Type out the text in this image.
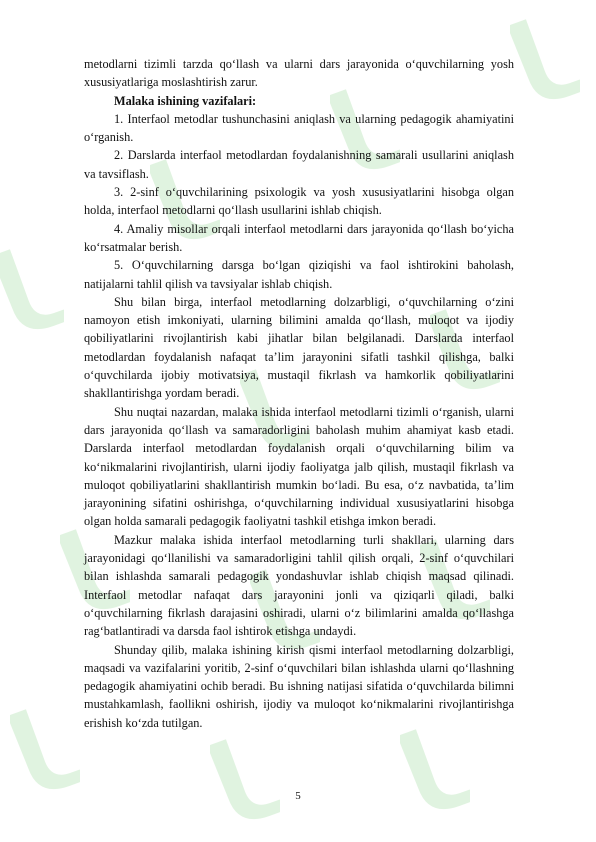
metodlarni tizimli tarzda qo‘llash va ularni dars jarayonida o‘quvchilarning yosh xususiyatlariga moslashtirish zarur.

Malaka ishining vazifalari:

1. Interfaol metodlar tushunchasini aniqlash va ularning pedagogik ahamiyatini o‘rganish.

2. Darslarda interfaol metodlardan foydalanishning samarali usullarini aniqlash va tavsiflash.

3. 2-sinf o‘quvchilarining psixologik va yosh xususiyatlarini hisobga olgan holda, interfaol metodlarni qo‘llash usullarini ishlab chiqish.

4. Amaliy misollar orqali interfaol metodlarni dars jarayonida qo‘llash bo‘yicha ko‘rsatmalar berish.

5. O‘quvchilarning darsga bo‘lgan qiziqishi va faol ishtirokini baholash, natijalarni tahlil qilish va tavsiyalar ishlab chiqish.

Shu bilan birga, interfaol metodlarning dolzarbligi, o‘quvchilarning o‘zini namoyon etish imkoniyati, ularning bilimini amalda qo‘llash, muloqot va ijodiy qobiliyatlarini rivojlantirish kabi jihatlar bilan belgilanadi. Darslarda interfaol metodlardan foydalanish nafaqat ta’lim jarayonini sifatli tashkil qilishga, balki o‘quvchilarda ijobiy motivatsiya, mustaqil fikrlash va hamkorlik qobiliyatlarini shakllantirishga yordam beradi.

Shu nuqtai nazardan, malaka ishida interfaol metodlarni tizimli o‘rganish, ularni dars jarayonida qo‘llash va samaradorligini baholash muhim ahamiyat kasb etadi. Darslarda interfaol metodlardan foydalanish orqali o‘quvchilarning bilim va ko‘nikmalarini rivojlantirish, ularni ijodiy faoliyatga jalb qilish, mustaqil fikrlash va muloqot qobiliyatlarini shakllantirish mumkin bo‘ladi. Bu esa, o‘z navbatida, ta’lim jarayonining sifatini oshirishga, o‘quvchilarning individual xususiyatlarini hisobga olgan holda samarali pedagogik faoliyatni tashkil etishga imkon beradi.

Mazkur malaka ishida interfaol metodlarning turli shakllari, ularning dars jarayonidagi qo‘llanilishi va samaradorligini tahlil qilish orqali, 2-sinf o‘quvchilari bilan ishlashda samarali pedagogik yondashuvlar ishlab chiqish maqsad qilinadi. Interfaol metodlar nafaqat dars jarayonini jonli va qiziqarli qiladi, balki o‘quvchilarning fikrlash darajasini oshiradi, ularni o‘z bilimlarini amalda qo‘llashga rag‘batlantiradi va darsda faol ishtirok etishga undaydi.

Shunday qilib, malaka ishining kirish qismi interfaol metodlarning dolzarbligi, maqsadi va vazifalarini yoritib, 2-sinf o‘quvchilari bilan ishlashda ularni qo‘llashning pedagogik ahamiyatini ochib beradi. Bu ishning natijasi sifatida o‘quvchilarda bilimni mustahkamlash, faollikni oshirish, ijodiy va muloqot ko‘nikmalarini rivojlantirishga erishish ko‘zda tutilgan.

5
